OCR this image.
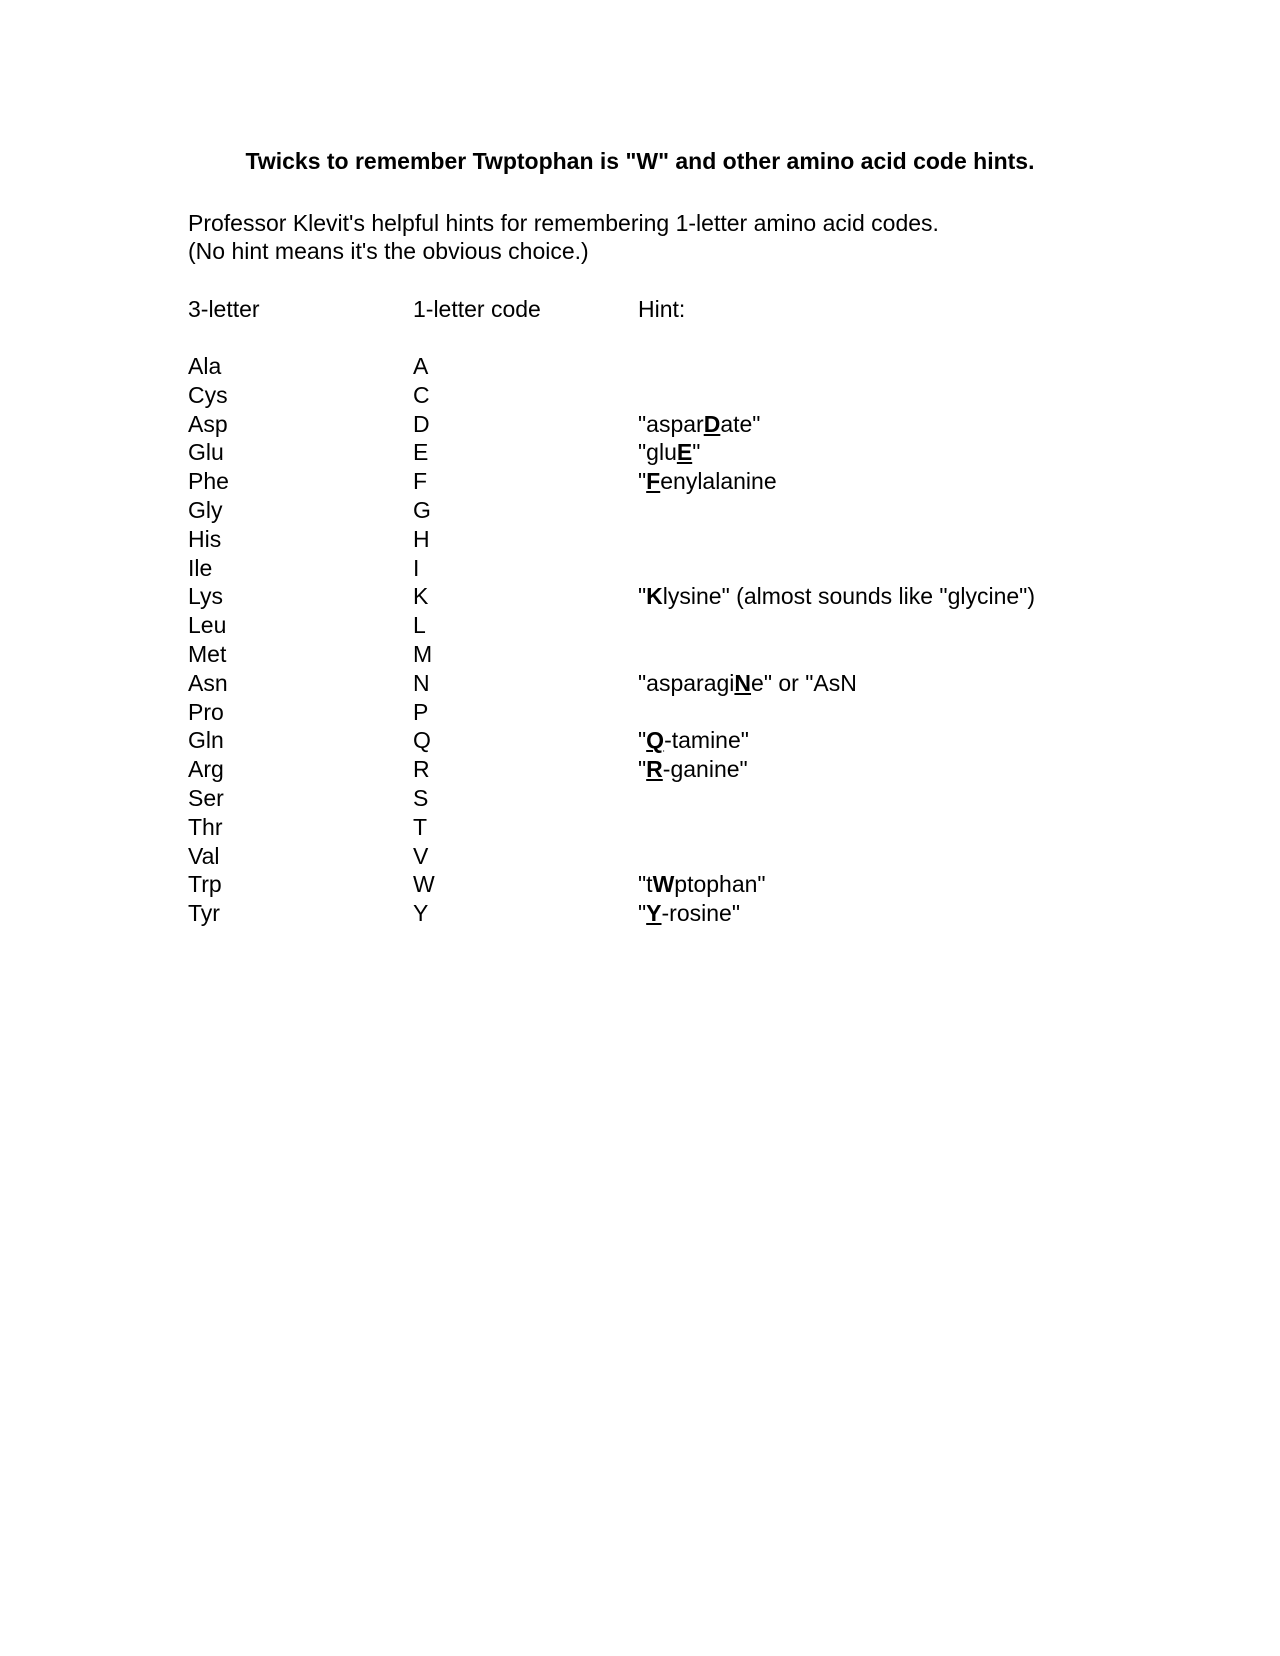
Twicks to remember Twptophan is "W" and other amino acid code hints.
Professor Klevit's helpful hints for remembering 1-letter amino acid codes.
(No hint means it's the obvious choice.)
3-letter	1-letter code	Hint:
Ala	A
Cys	C
Asp	D	"asparDate"
Glu	E	"gluE"
Phe	F	"Fenylalanine
Gly	G
His	H
Ile	I
Lys	K	"Klysine" (almost sounds like "glycine")
Leu	L
Met	M
Asn	N	"asparagiNe" or "AsN
Pro	P
Gln	Q	"Q-tamine"
Arg	R	"R-ganine"
Ser	S
Thr	T
Val	V
Trp	W	"tWptophan"
Tyr	Y	"Y-rosine"
